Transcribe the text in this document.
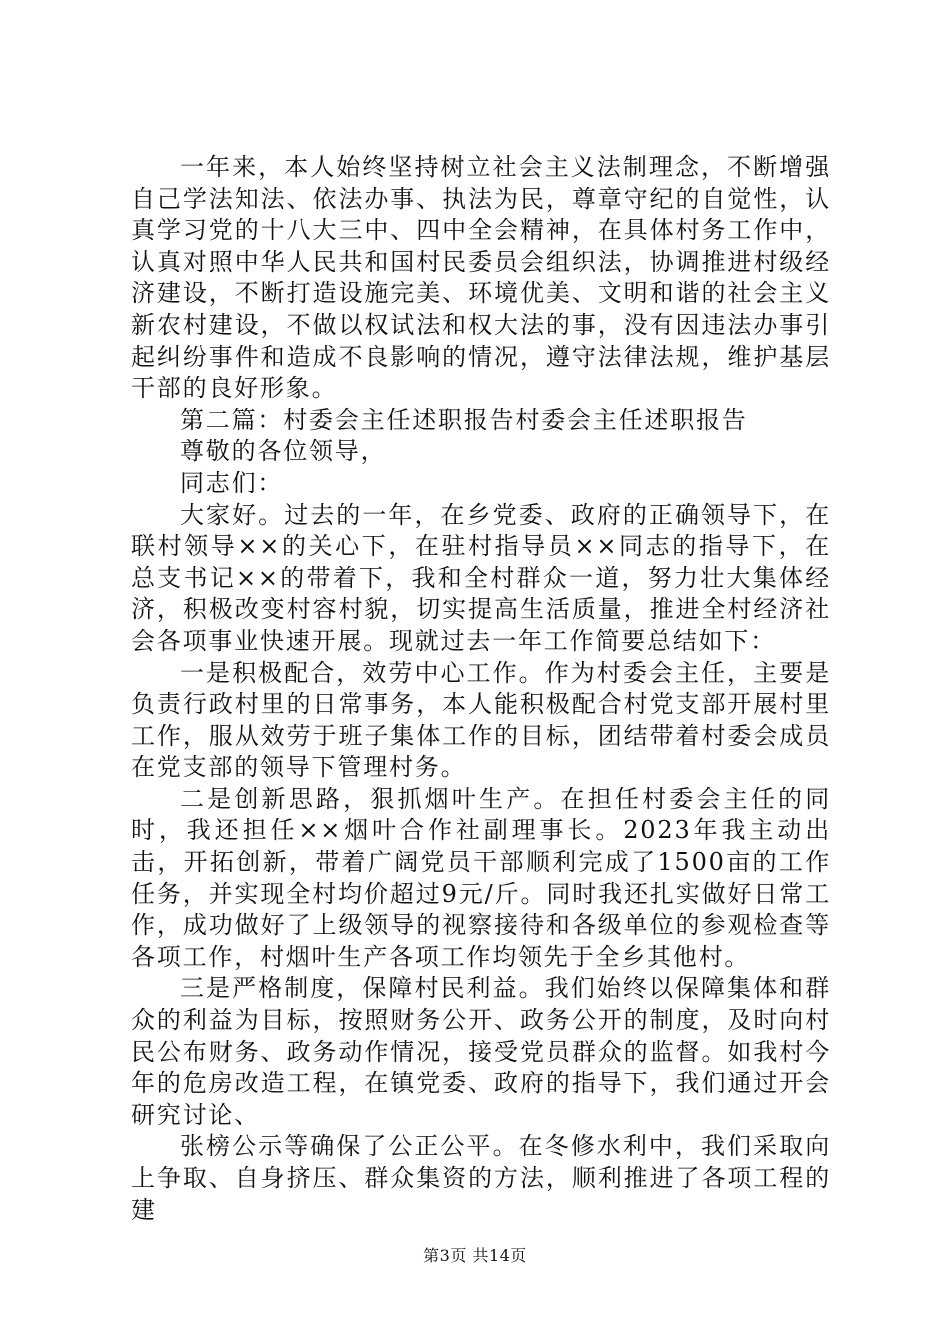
一年来，本人始终坚持树立社会主义法制理念，不断增强自己学法知法、依法办事、执法为民，尊章守纪的自觉性，认真学习党的十八大三中、四中全会精神，在具体村务工作中，认真对照中华人民共和国村民委员会组织法，协调推进村级经济建设，不断打造设施完美、环境优美、文明和谐的社会主义新农村建设，不做以权试法和权大法的事，没有因违法办事引起纠纷事件和造成不良影响的情况，遵守法律法规，维护基层干部的良好形象。

第二篇：村委会主任述职报告村委会主任述职报告

尊敬的各位领导，

同志们：

大家好。过去的一年，在乡党委、政府的正确领导下，在联村领导××的关心下，在驻村指导员××同志的指导下，在总支书记××的带着下，我和全村群众一道，努力壮大集体经济，积极改变村容村貌，切实提高生活质量，推进全村经济社会各项事业快速开展。现就过去一年工作简要总结如下：

一是积极配合，效劳中心工作。作为村委会主任，主要是负责行政村里的日常事务，本人能积极配合村党支部开展村里工作，服从效劳于班子集体工作的目标，团结带着村委会成员在党支部的领导下管理村务。

二是创新思路，狠抓烟叶生产。在担任村委会主任的同时，我还担任××烟叶合作社副理事长。2023年我主动出击，开拓创新，带着广阔党员干部顺利完成了1500亩的工作任务，并实现全村均价超过9元/斤。同时我还扎实做好日常工作，成功做好了上级领导的视察接待和各级单位的参观检查等各项工作，村烟叶生产各项工作均领先于全乡其他村。

三是严格制度，保障村民利益。我们始终以保障集体和群众的利益为目标，按照财务公开、政务公开的制度，及时向村民公布财务、政务动作情况，接受党员群众的监督。如我村今年的危房改造工程，在镇党委、政府的指导下，我们通过开会研究讨论、

张榜公示等确保了公正公平。在冬修水利中，我们采取向上争取、自身挤压、群众集资的方法，顺利推进了各项工程的建

第3页 共14页
